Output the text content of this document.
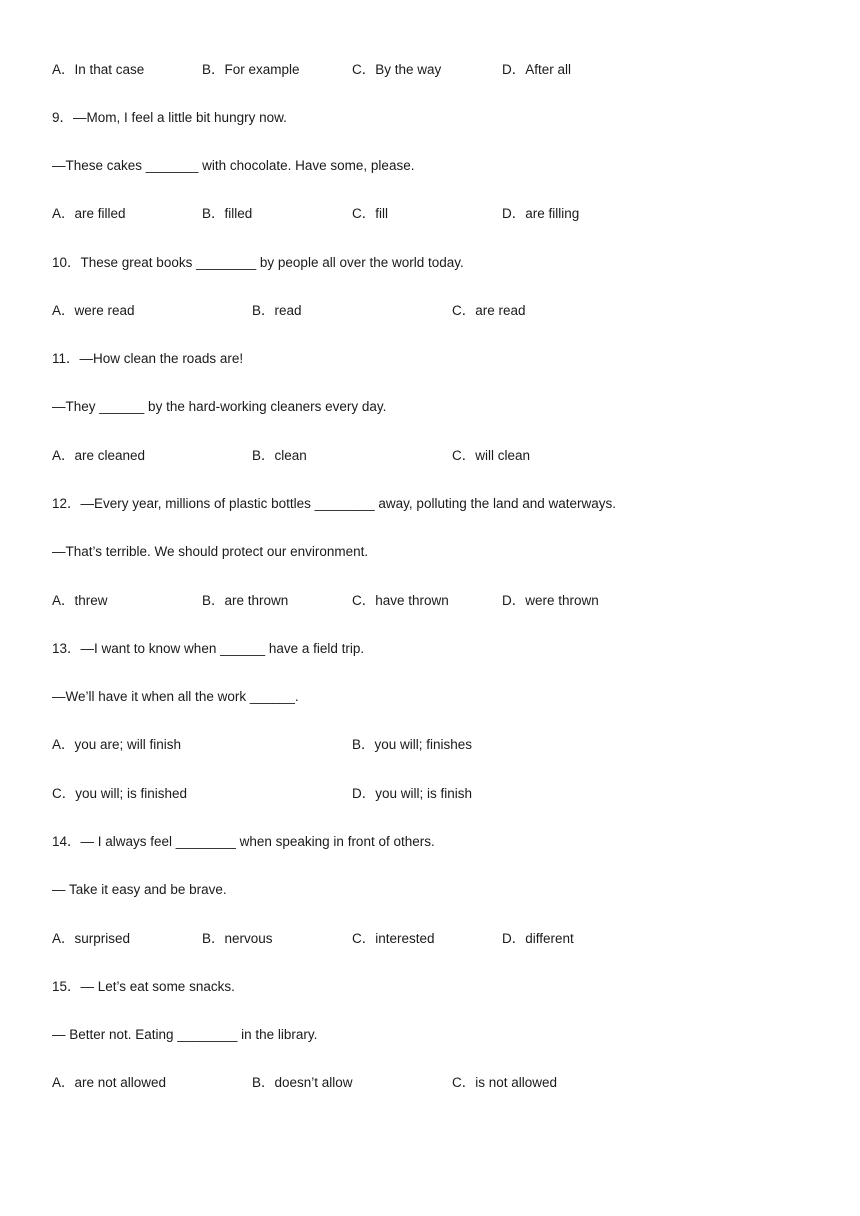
A．In that case	B．For example	C．By the way	D．After all
9．—Mom, I feel a little bit hungry now.
—These cakes _______ with chocolate. Have some, please.
A．are filled	B．filled	C．fill	D．are filling
10．These great books ________ by people all over the world today.
A．were read	B．read	C．are read
11．—How clean the roads are!
—They ______ by the hard-working cleaners every day.
A．are cleaned	B．clean	C．will clean
12．—Every year, millions of plastic bottles ________ away, polluting the land and waterways.
—That’s terrible. We should protect our environment.
A．threw	B．are thrown	C．have thrown	D．were thrown
13．—I want to know when ______ have a field trip.
—We’ll have it when all the work ______.
A．you are; will finish	B．you will; finishes
C．you will; is finished	D．you will; is finish
14．— I always feel ________ when speaking in front of others.
— Take it easy and be brave.
A．surprised	B．nervous	C．interested	D．different
15．— Let’s eat some snacks.
— Better not. Eating ________ in the library.
A．are not allowed	B．doesn’t allow	C．is not allowed
